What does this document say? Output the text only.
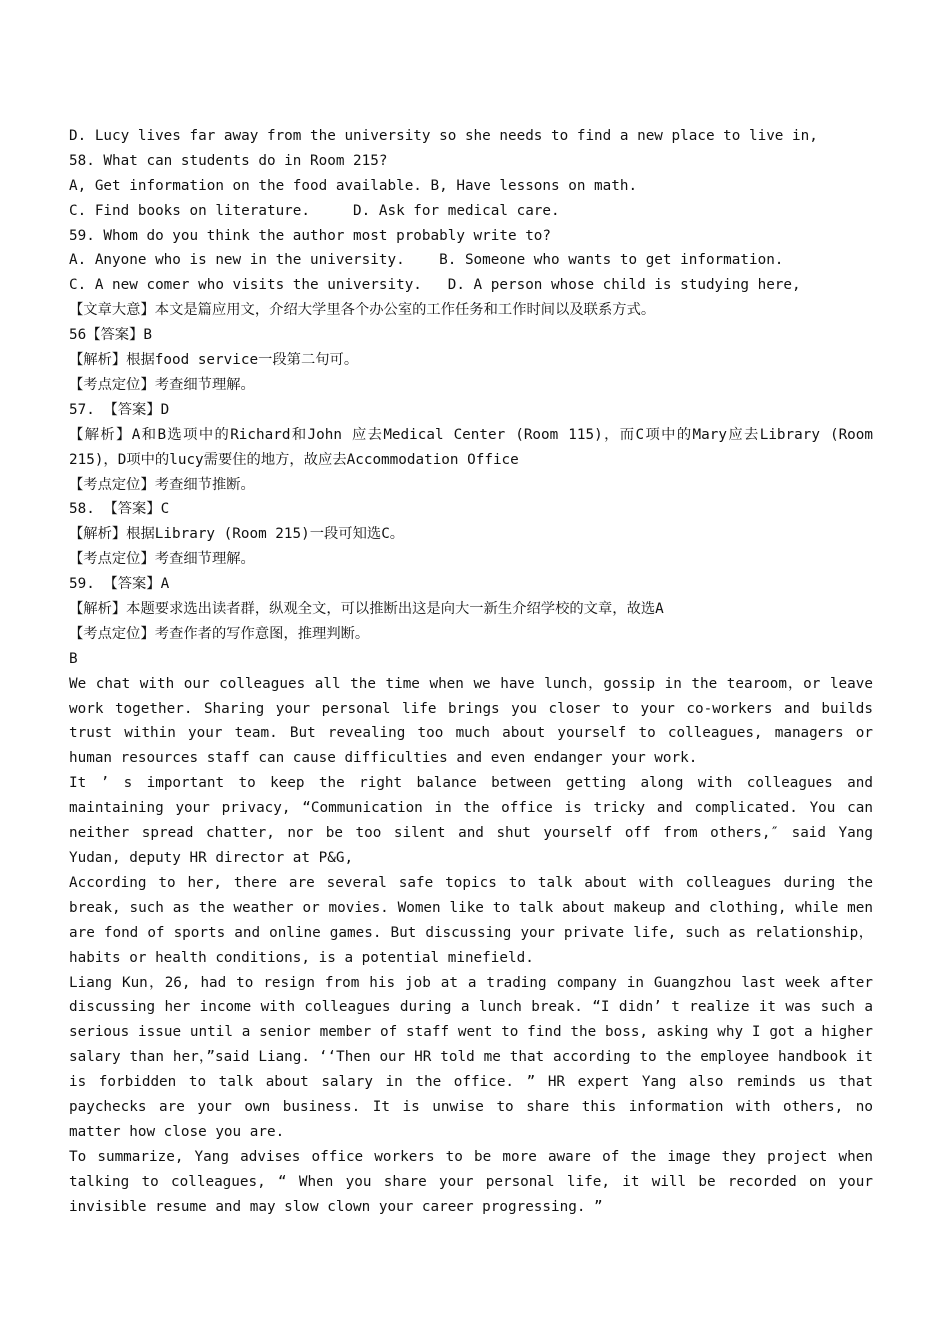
D. Lucy lives far away from the university so she needs to find a new place to live in,
58. What can students do in Room 215?
A, Get information on the food available. B, Have lessons on math.
C. Find books on literature.     D. Ask for medical care.
59. Whom do you think the author most probably write to?
A. Anyone who is new in the university.    B. Someone who wants to get information.
C. A new comer who visits the university.   D. A person whose child is studying here,
【文章大意】本文是篇应用文，介绍大学里各个办公室的工作任务和工作时间以及联系方式。
56【答案】B
【解析】根据food service一段第二句可。
【考点定位】考查细节理解。
57. 【答案】D
【解析】A和B选项中的Richard和John 应去Medical Center (Room 115)，而C项中的Mary应去Library (Room 215)，D项中的lucy需要住的地方，故应去Accommodation Office
【考点定位】考查细节推断。
58. 【答案】C
【解析】根据Library (Room 215)一段可知选C。
【考点定位】考查细节理解。
59. 【答案】A
【解析】本题要求选出读者群，纵观全文，可以推断出这是向大一新生介绍学校的文章，故选A
【考点定位】考查作者的写作意图，推理判断。
B
We chat with our colleagues all the time when we have lunch，gossip in the tearoom，or leave work together. Sharing your personal life brings you closer to your co-workers and builds trust within your team. But revealing too much about yourself to colleagues, managers or human resources staff can cause difficulties and even endanger your work.
It ’ s important to keep the right balance between getting along with colleagues and maintaining your privacy, “Communication in the office is tricky and complicated. You can neither spread chatter, nor be too silent and shut yourself off from others,″ said Yang Yudan, deputy HR director at P&G,
According to her, there are several safe topics to talk about with colleagues during the break, such as the weather or movies. Women like to talk about makeup and clothing, while men are fond of sports and online games. But discussing your private life, such as relationship，habits or health conditions, is a potential minefield.
Liang Kun，26, had to resign from his job at a trading company in Guangzhou last week after discussing her income with colleagues during a lunch break. “I didn’ t realize it was such a serious issue until a senior member of staff went to find the boss, asking why I got a higher salary than her，”said Liang. ‘‘Then our HR told me that according to the employee handbook it is forbidden to talk about salary in the office. ” HR expert Yang also reminds us that paychecks are your own business. It is unwise to share this information with others, no matter how close you are.
To summarize, Yang advises office workers to be more aware of the image they project when talking to colleagues, “ When you share your personal life, it will be recorded on your invisible resume and may slow clown your career progressing. ”
